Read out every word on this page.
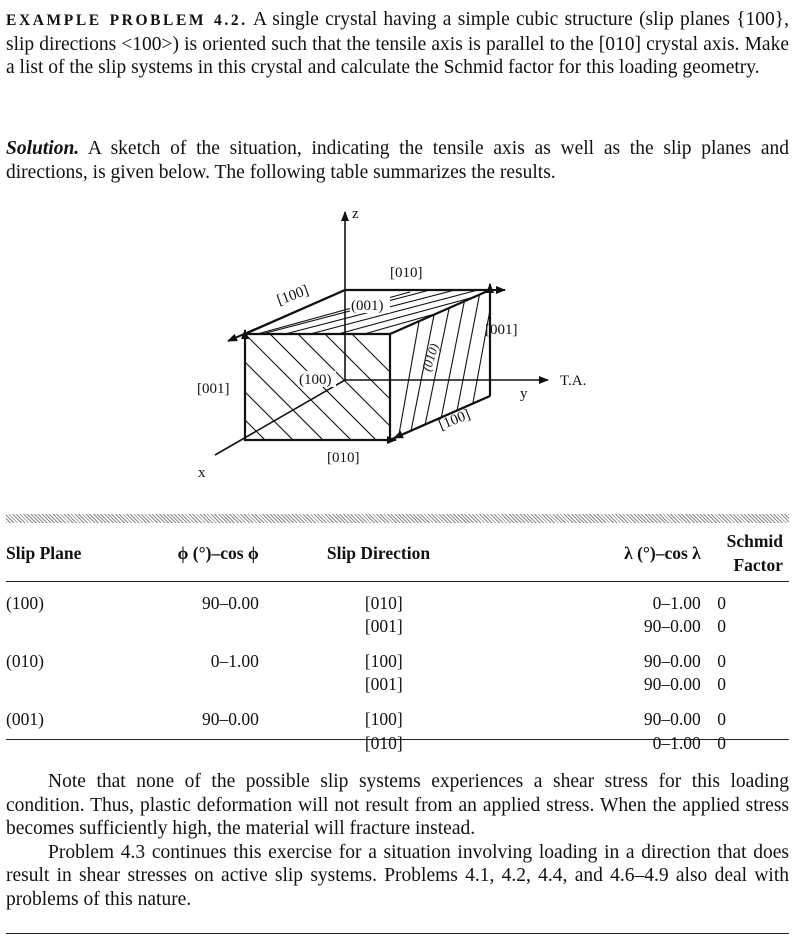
EXAMPLE PROBLEM 4.2. A single crystal having a simple cubic structure (slip planes {100}, slip directions <100>) is oriented such that the tensile axis is parallel to the [010] crystal axis. Make a list of the slip systems in this crystal and calculate the Schmid factor for this loading geometry.
Solution. A sketch of the situation, indicating the tensile axis as well as the slip planes and directions, is given below. The following table summarizes the results.
z
y
x
T.A.
[010]
[100]	(001)
[001]
(010)
(100)
[001]
[010]
[100]
Slip Plane	ϕ (°)–cos ϕ	Slip Direction	λ (°)–cos λ	Schmid Factor

(100)	90–0.00	[010]	0–1.00	0
		[001]	90–0.00	0

(010)	0–1.00	[100]	90–0.00	0
		[001]	90–0.00	0

(001)	90–0.00	[100]	90–0.00	0
		[010]	0–1.00	0

Note that none of the possible slip systems experiences a shear stress for this loading condition. Thus, plastic deformation will not result from an applied stress. When the applied stress becomes sufficiently high, the material will fracture instead.

Problem 4.3 continues this exercise for a situation involving loading in a direction that does result in shear stresses on active slip systems. Problems 4.1, 4.2, 4.4, and 4.6–4.9 also deal with problems of this nature.
